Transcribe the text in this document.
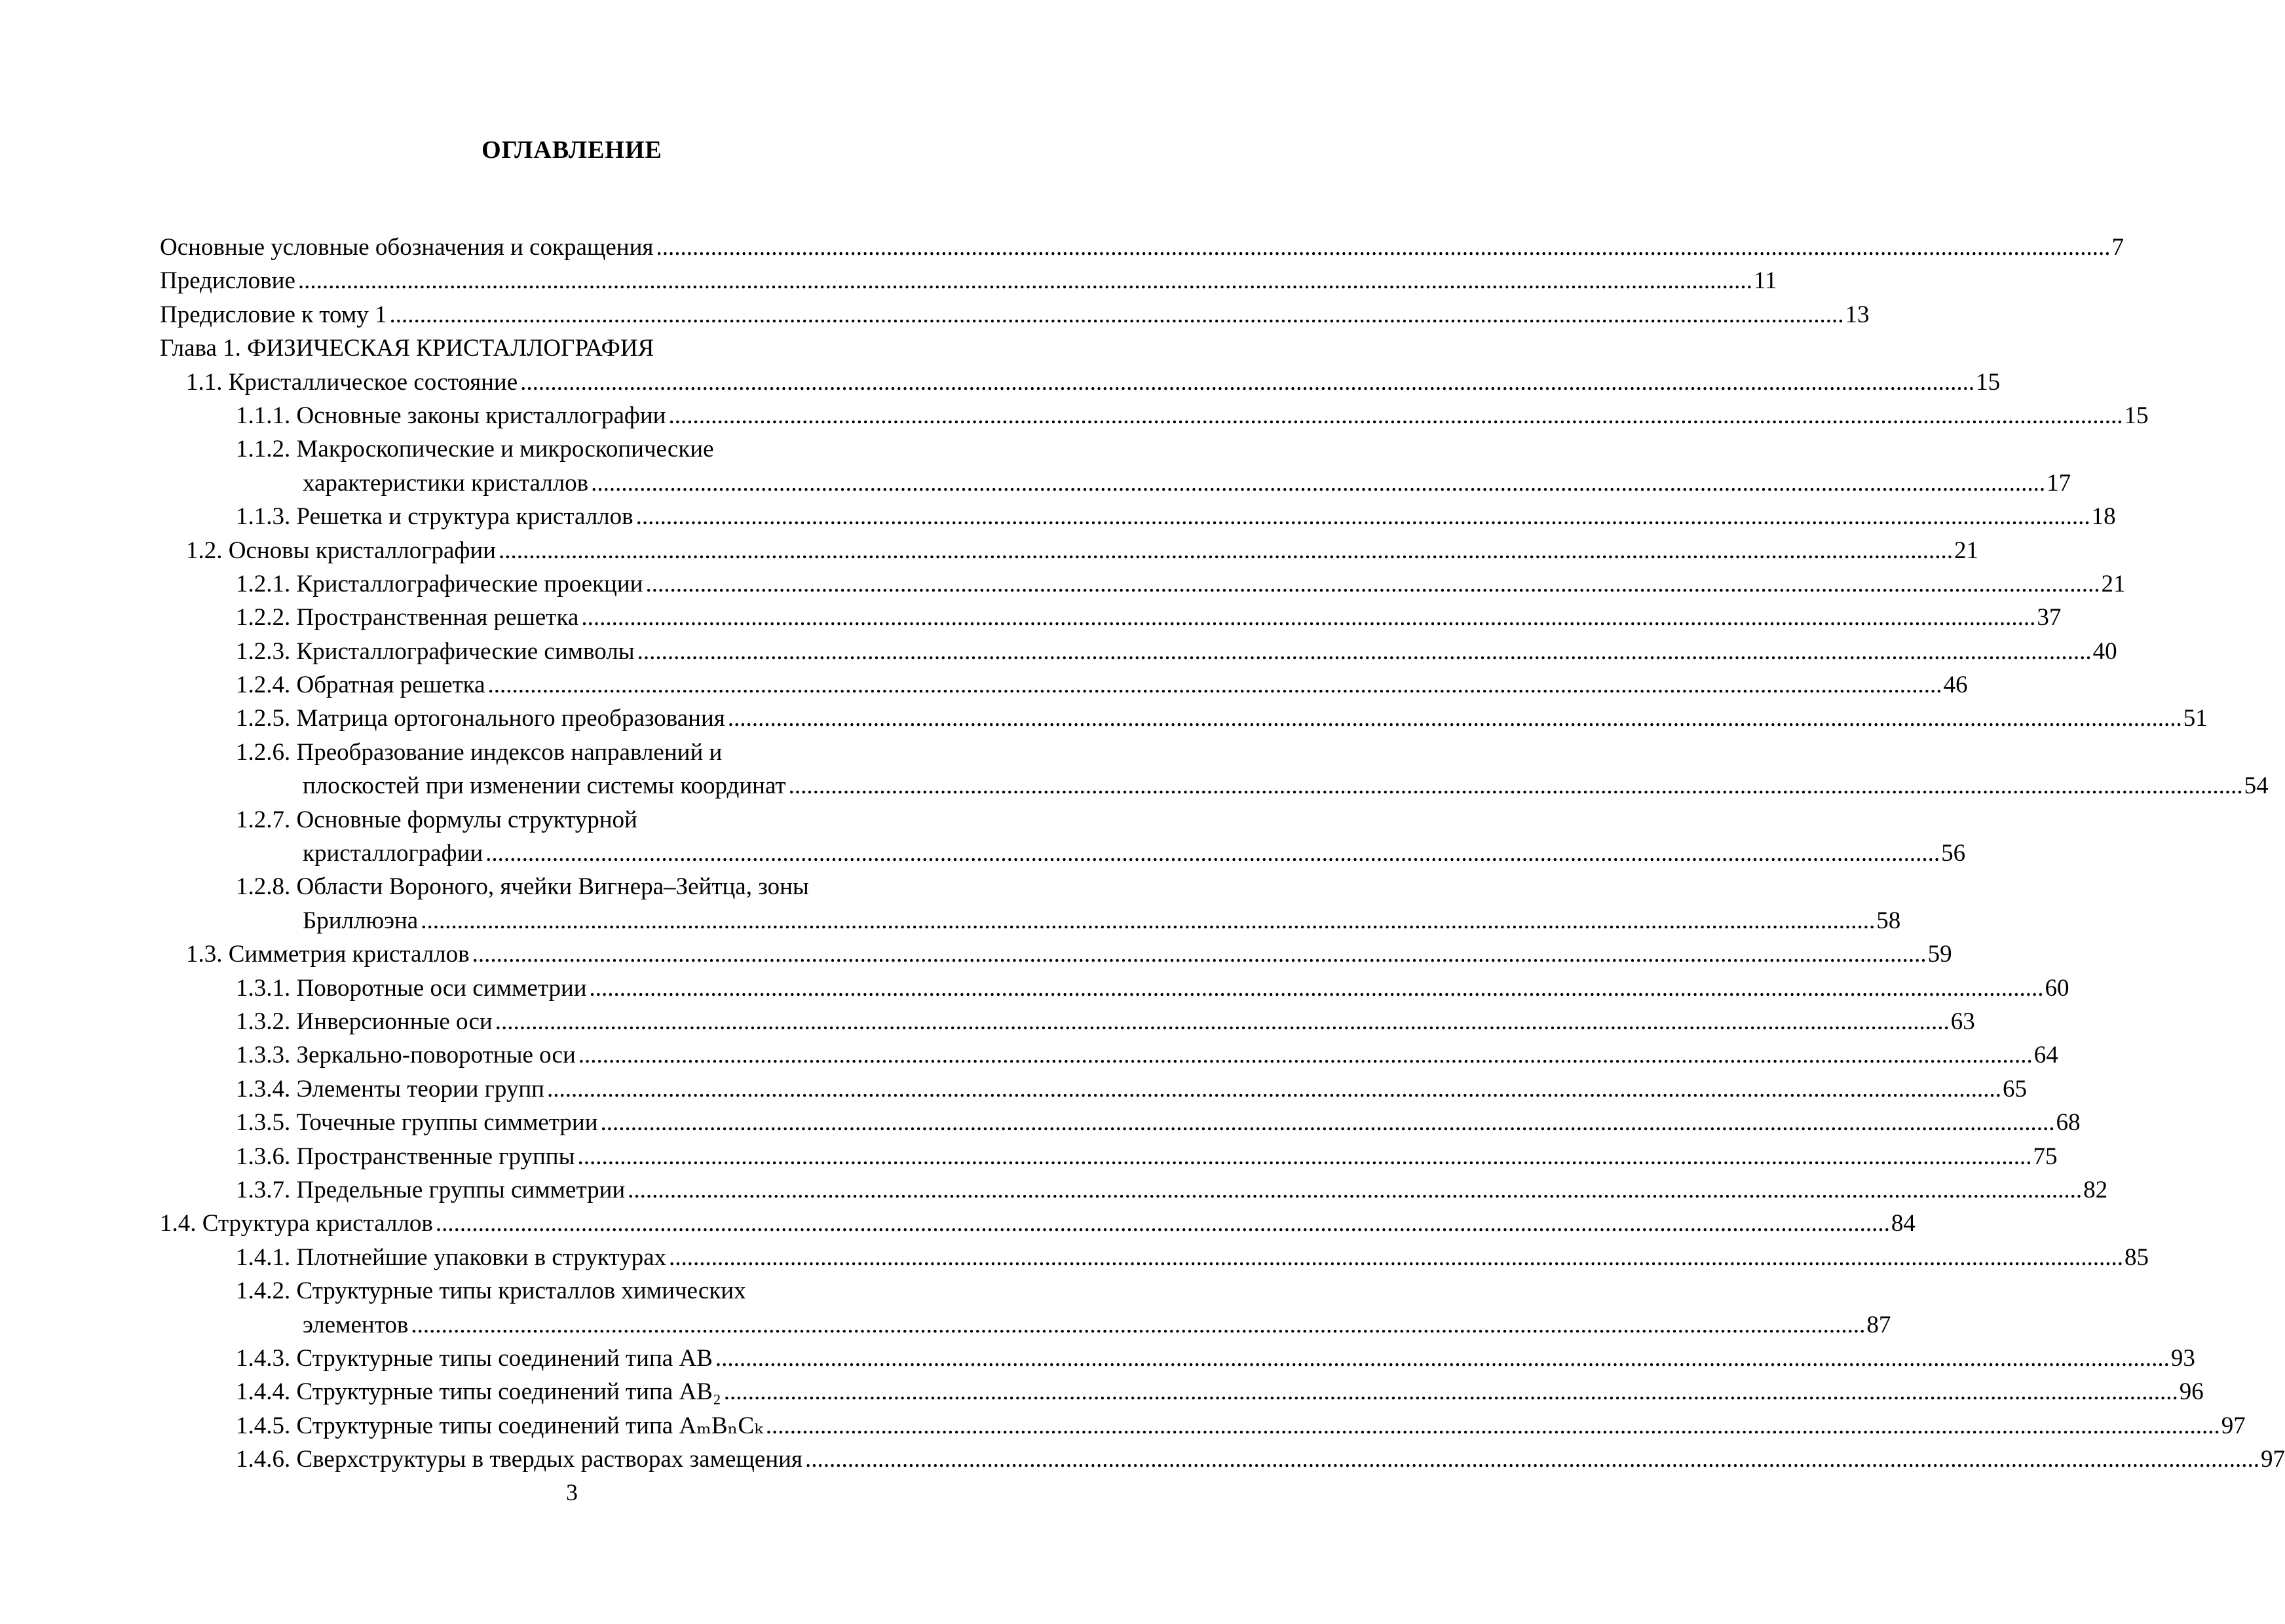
ОГЛАВЛЕНИЕ
Основные условные обозначения и сокращения .....	7
Предисловие .....	11
Предисловие к тому 1 .....	13
Глава 1. ФИЗИЧЕСКАЯ КРИСТАЛЛОГРАФИЯ
1.1. Кристаллическое состояние .....	15
1.1.1. Основные законы кристаллографии .....	15
1.1.2. Макроскопические и микроскопические
характеристики кристаллов .....	17
1.1.3. Решетка и структура кристаллов .....	18
1.2. Основы кристаллографии .....	21
1.2.1. Кристаллографические проекции .....	21
1.2.2. Пространственная решетка .....	37
1.2.3. Кристаллографические символы .....	40
1.2.4. Обратная решетка .....	46
1.2.5. Матрица ортогонального преобразования .....	51
1.2.6. Преобразование индексов направлений и
плоскостей при изменении системы координат .....	54
1.2.7. Основные формулы структурной
кристаллографии .....	56
1.2.8. Области Вороного, ячейки Вигнера–Зейтца, зоны
Бриллюэна .....	58
1.3. Симметрия кристаллов .....	59
1.3.1. Поворотные оси симметрии .....	60
1.3.2. Инверсионные оси .....	63
1.3.3. Зеркально-поворотные оси .....	64
1.3.4. Элементы теории групп .....	65
1.3.5. Точечные группы симметрии .....	68
1.3.6. Пространственные группы .....	75
1.3.7. Предельные группы симметрии .....	82
1.4. Структура кристаллов .....	84
1.4.1. Плотнейшие упаковки в структурах .....	85
1.4.2. Структурные типы кристаллов химических
элементов .....	87
1.4.3. Структурные типы соединений типа АВ .....	93
1.4.4. Структурные типы соединений типа АВ₂ .....	96
1.4.5. Структурные типы соединений типа AₘBₙCₖ .....	97
1.4.6. Сверхструктуры в твердых растворах замещения .....	97
3
